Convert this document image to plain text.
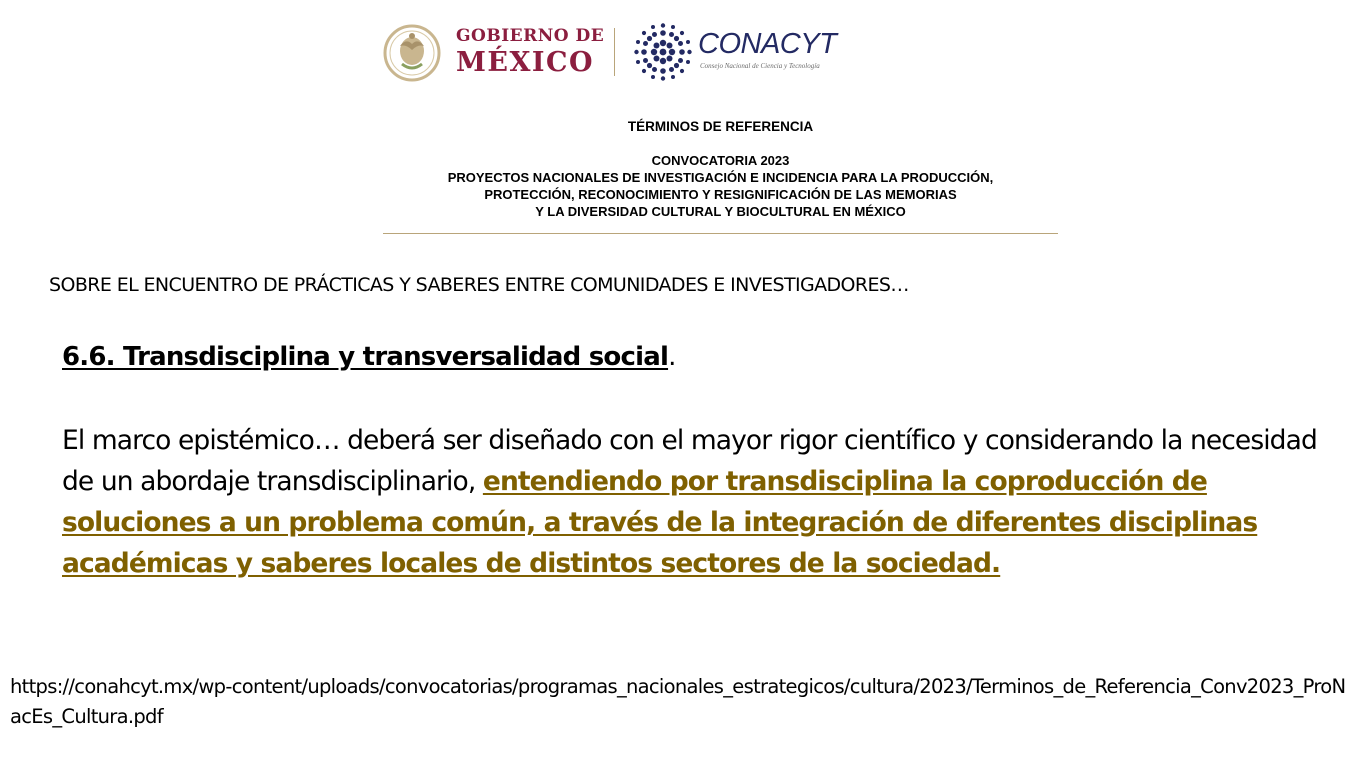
GOBIERNO DE
MÉXICO
CONACYT
Consejo Nacional de Ciencia y Tecnología
TÉRMINOS DE REFERENCIA
CONVOCATORIA 2023
PROYECTOS NACIONALES DE INVESTIGACIÓN E INCIDENCIA PARA LA PRODUCCIÓN,
PROTECCIÓN, RECONOCIMIENTO Y RESIGNIFICACIÓN DE LAS MEMORIAS
Y LA DIVERSIDAD CULTURAL Y BIOCULTURAL EN MÉXICO
SOBRE EL ENCUENTRO DE PRÁCTICAS Y SABERES ENTRE COMUNIDADES E INVESTIGADORES…
6.6. Transdisciplina y transversalidad social.
El marco epistémico… deberá ser diseñado con el mayor rigor científico y considerando la necesidad de un abordaje transdisciplinario, entendiendo por transdisciplina la coproducción de soluciones a un problema común, a través de la integración de diferentes disciplinas académicas y saberes locales de distintos sectores de la sociedad.
https://conahcyt.mx/wp-content/uploads/convocatorias/programas_nacionales_estrategicos/cultura/2023/Terminos_de_Referencia_Conv2023_ProNacEs_Cultura.pdf
